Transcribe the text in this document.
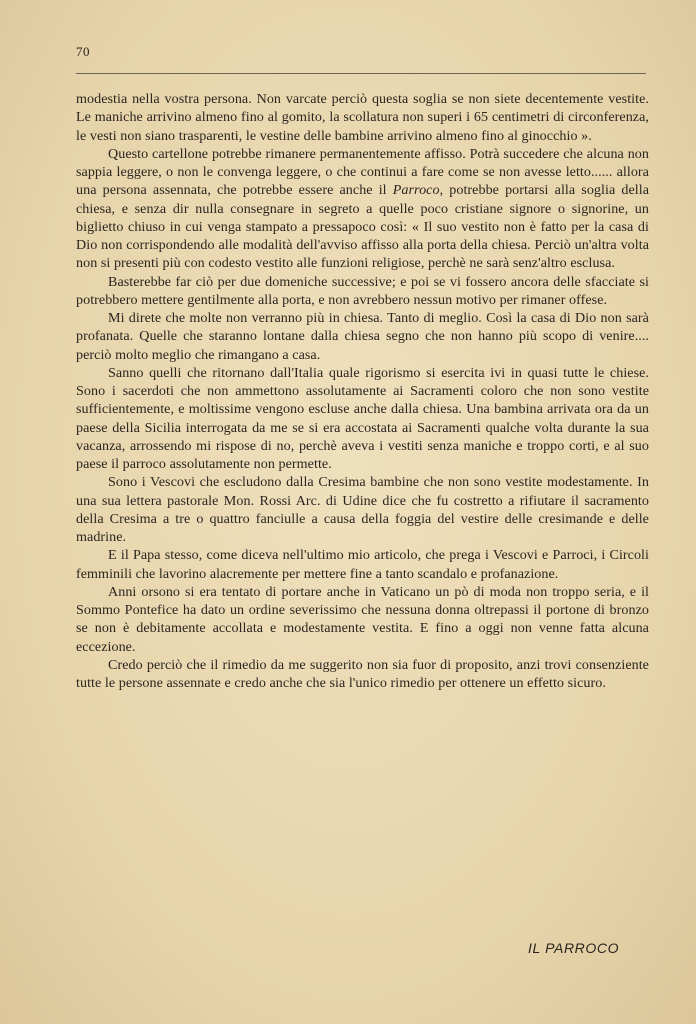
70

modestia nella vostra persona. Non varcate perciò questa soglia se non siete decentemente vestite. Le maniche arrivino almeno fino al gomito, la scollatura non superi i 65 centimetri di circonferenza, le vesti non siano trasparenti, le vestine delle bambine arrivino almeno fino al ginocchio ».

Questo cartellone potrebbe rimanere permanentemente affisso. Potrà succedere che alcuna non sappia leggere, o non le convenga leggere, o che continui a fare come se non avesse letto...... allora una persona assennata, che potrebbe essere anche il Parroco, potrebbe portarsi alla soglia della chiesa, e senza dir nulla consegnare in segreto a quelle poco cristiane signore o signorine, un biglietto chiuso in cui venga stampato a pressapoco così: « Il suo vestito non è fatto per la casa di Dio non corrispondendo alle modalità dell'avviso affisso alla porta della chiesa. Perciò un'altra volta non si presenti più con codesto vestito alle funzioni religiose, perchè ne sarà senz'altro esclusa.

Basterebbe far ciò per due domeniche successive; e poi se vi fossero ancora delle sfacciate si potrebbero mettere gentilmente alla porta, e non avrebbero nessun motivo per rimaner offese.

Mi direte che molte non verranno più in chiesa. Tanto di meglio. Così la casa di Dio non sarà profanata. Quelle che staranno lontane dalla chiesa segno che non hanno più scopo di venire.... perciò molto meglio che rimangano a casa.

Sanno quelli che ritornano dall'Italia quale rigorismo si esercita ivi in quasi tutte le chiese. Sono i sacerdoti che non ammettono assolutamente ai Sacramenti coloro che non sono vestite sufficientemente, e moltissime vengono escluse anche dalla chiesa. Una bambina arrivata ora da un paese della Sicilia interrogata da me se si era accostata ai Sacramenti qualche volta durante la sua vacanza, arrossendo mi rispose di no, perchè aveva i vestiti senza maniche e troppo corti, e al suo paese il parroco assolutamente non permette.

Sono i Vescovi che escludono dalla Cresima bambine che non sono vestite modestamente. In una sua lettera pastorale Mon. Rossi Arc. di Udine dice che fu costretto a rifiutare il sacramento della Cresima a tre o quattro fanciulle a causa della foggia del vestire delle cresimande e delle madrine.

E il Papa stesso, come diceva nell'ultimo mio articolo, che prega i Vescovi e Parroci, i Circoli femminili che lavorino alacremente per mettere fine a tanto scandalo e profanazione.

Anni orsono si era tentato di portare anche in Vaticano un pò di moda non troppo seria, e il Sommo Pontefice ha dato un ordine severissimo che nessuna donna oltrepassi il portone di bronzo se non è debitamente accollata e modestamente vestita. E fino a oggi non venne fatta alcuna eccezione.

Credo perciò che il rimedio da me suggerito non sia fuor di proposito, anzi trovi consenziente tutte le persone assennate e credo anche che sia l'unico rimedio per ottenere un effetto sicuro.

IL PARROCO
